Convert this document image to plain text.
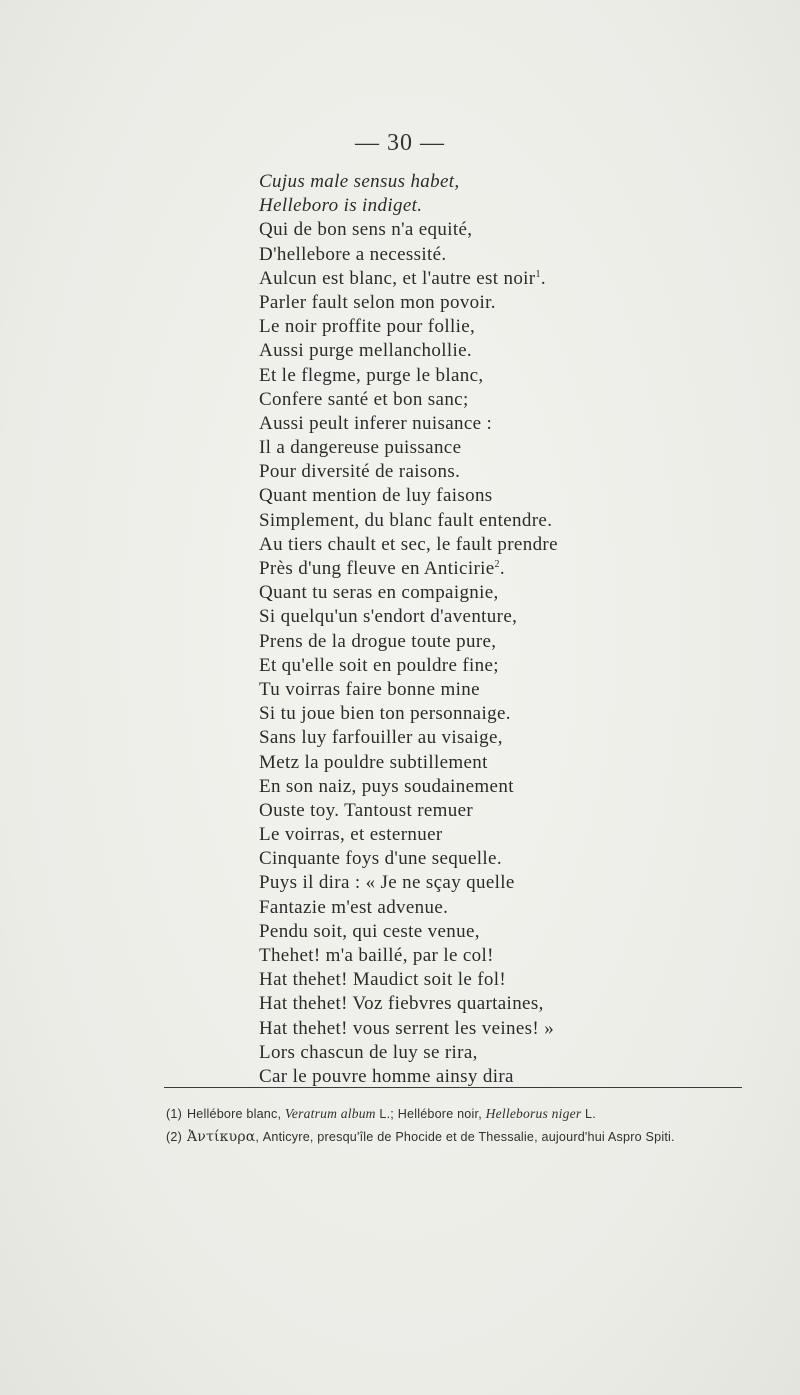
— 30 —
Cujus male sensus habet,
Helleboro is indiget.
Qui de bon sens n'a equité,
D'hellebore a necessité.
Aulcun est blanc, et l'autre est noir$^1$.
Parler fault selon mon povoir.
Le noir proffite pour follie,
Aussi purge mellanchollie.
Et le flegme, purge le blanc,
Confere santé et bon sanc;
Aussi peult inferer nuisance :
Il a dangereuse puissance
Pour diversité de raisons.
Quant mention de luy faisons
Simplement, du blanc fault entendre.
Au tiers chault et sec, le fault prendre
Près d'ung fleuve en Anticirie$^2$.
Quant tu seras en compaignie,
Si quelqu'un s'endort d'aventure,
Prens de la drogue toute pure,
Et qu'elle soit en pouldre fine;
Tu voirras faire bonne mine
Si tu joue bien ton personnaige.
Sans luy farfouiller au visaige,
Metz la pouldre subtillement
En son naiz, puys soudainement
Ouste toy. Tantoust remuer
Le voirras, et esternuer
Cinquante foys d'une sequelle.
Puys il dira : « Je ne sçay quelle
Fantazie m'est advenue.
Pendu soit, qui ceste venue,
Thehet! m'a baillé, par le col!
Hat thehet! Maudict soit le fol!
Hat thehet! Voz fiebvres quartaines,
Hat thehet! vous serrent les veines! »
Lors chascun de luy se rira,
Car le pouvre homme ainsy dira
(1) Hellébore blanc, Veratrum album L.; Hellébore noir, Helleborus niger L.
(2) Ἀντίκυρα, Anticyre, presqu'île de Phocide et de Thessalie, aujourd'hui Aspro Spiti.
